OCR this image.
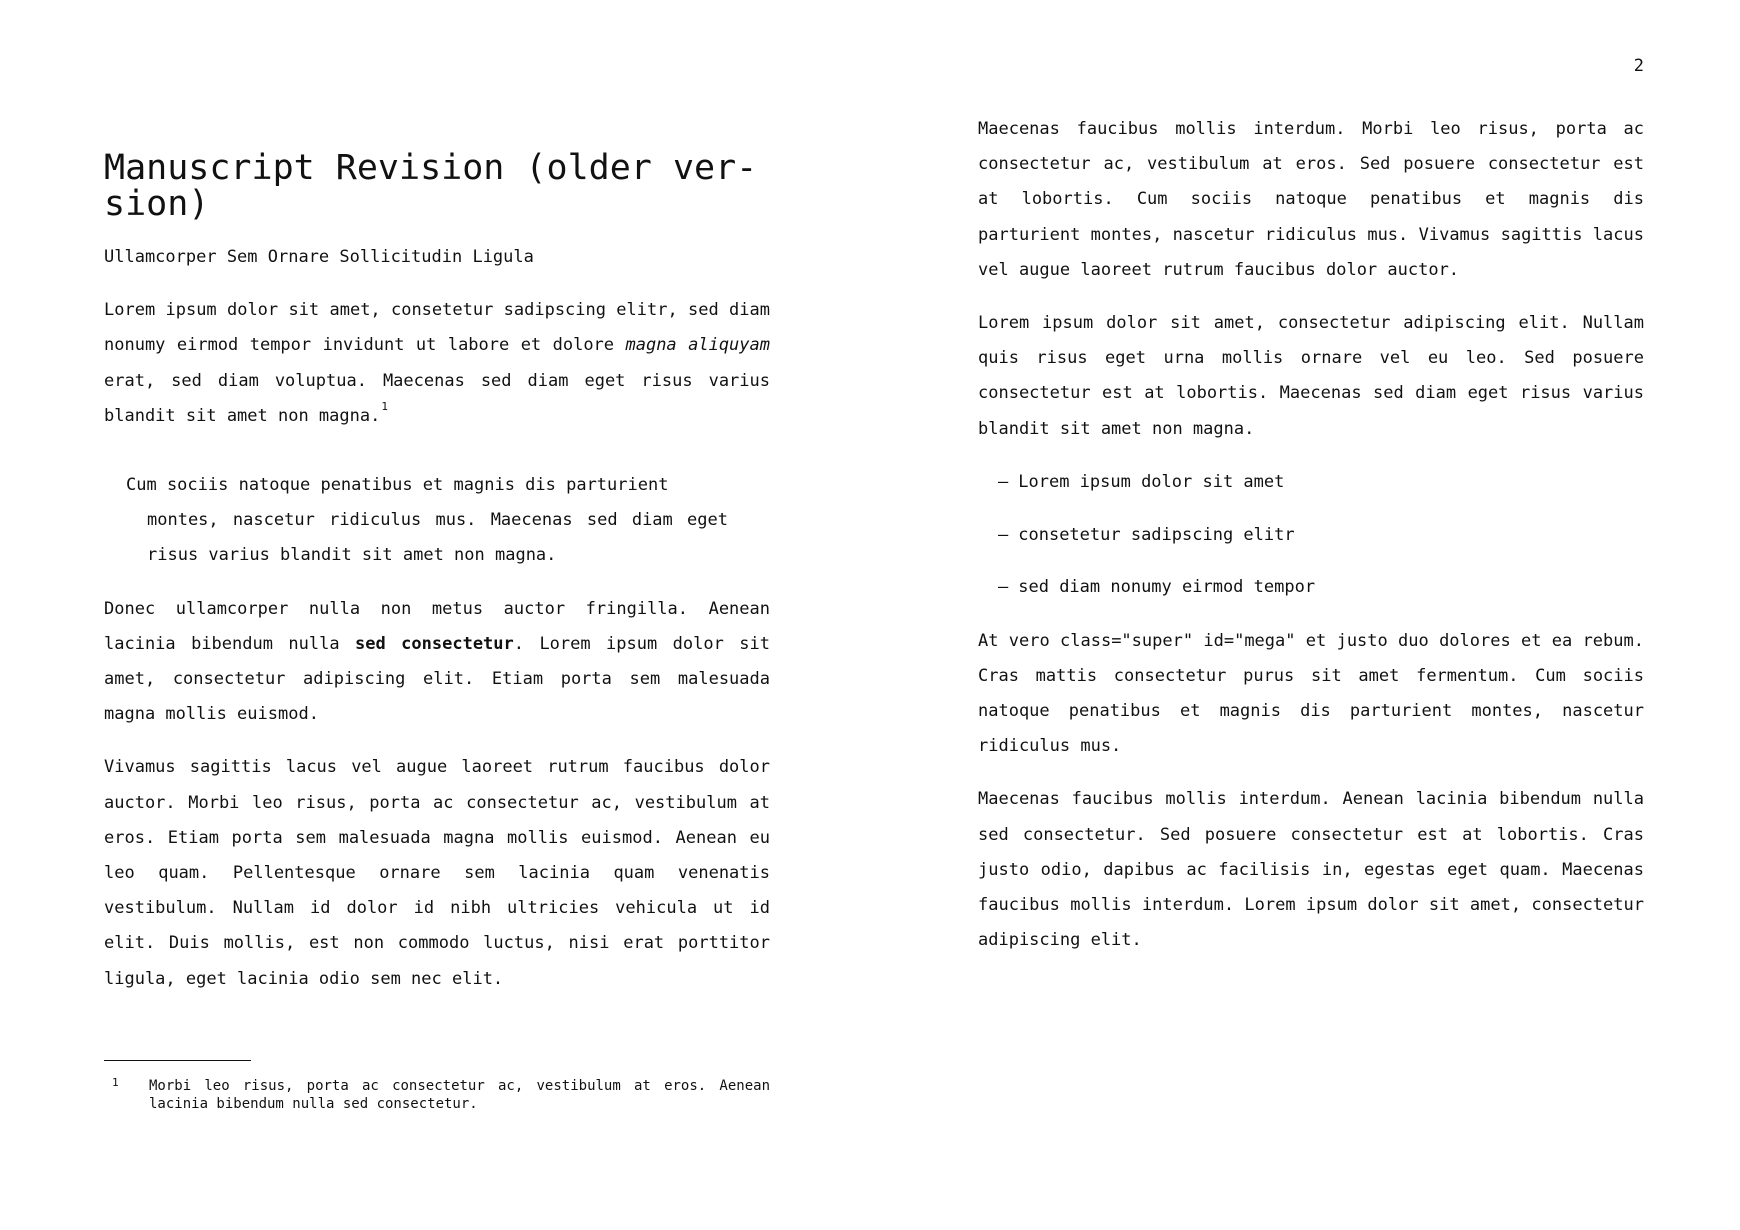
2
Manuscript Revision (older ver-
sion)
Ullamcorper Sem Ornare Sollicitudin Ligula

Lorem ipsum dolor sit amet, consetetur sadipscing elitr, sed diam nonumy eirmod tempor invidunt ut labore et dolore magna aliquyam erat, sed diam voluptua. Maecenas sed diam eget risus varius blandit sit amet non magna.$^1$

Cum sociis natoque penatibus et magnis dis parturient
montes, nascetur ridiculus mus. Maecenas sed diam eget risus varius blandit sit amet non magna.

Donec ullamcorper nulla non metus auctor fringilla. Aenean lacinia bibendum nulla sed consectetur. Lorem ipsum dolor sit amet, consectetur adipiscing elit. Etiam porta sem malesuada magna mollis euismod.

Vivamus sagittis lacus vel augue laoreet rutrum faucibus dolor auctor. Morbi leo risus, porta ac consectetur ac, vestibulum at eros. Etiam porta sem malesuada magna mollis euismod. Aenean eu leo quam. Pellentesque ornare sem lacinia quam venenatis vestibulum. Nullam id dolor id nibh ultricies vehicula ut id elit. Duis mollis, est non commodo luctus, nisi erat porttitor ligula, eget lacinia odio sem nec elit.

1	Morbi leo risus, porta ac consectetur ac, vestibulum at eros. Aenean lacinia bibendum nulla sed consectetur.

Maecenas faucibus mollis interdum. Morbi leo risus, porta ac consectetur ac, vestibulum at eros. Sed posuere consectetur est at lobortis. Cum sociis natoque penatibus et magnis dis parturient montes, nascetur ridiculus mus. Vivamus sagittis lacus vel augue laoreet rutrum faucibus dolor auctor.

Lorem ipsum dolor sit amet, consectetur adipiscing elit. Nullam quis risus eget urna mollis ornare vel eu leo. Sed posuere consectetur est at lobortis. Maecenas sed diam eget risus varius blandit sit amet non magna.

– Lorem ipsum dolor sit amet
– consetetur sadipscing elitr
– sed diam nonumy eirmod tempor

At vero class="super" id="mega" et justo duo dolores et ea rebum. Cras mattis consectetur purus sit amet fermentum. Cum sociis natoque penatibus et magnis dis parturient montes, nascetur ridiculus mus.

Maecenas faucibus mollis interdum. Aenean lacinia bibendum nulla sed consectetur. Sed posuere consectetur est at lobortis. Cras justo odio, dapibus ac facilisis in, egestas eget quam. Maecenas faucibus mollis interdum. Lorem ipsum dolor sit amet, consectetur adipiscing elit.
